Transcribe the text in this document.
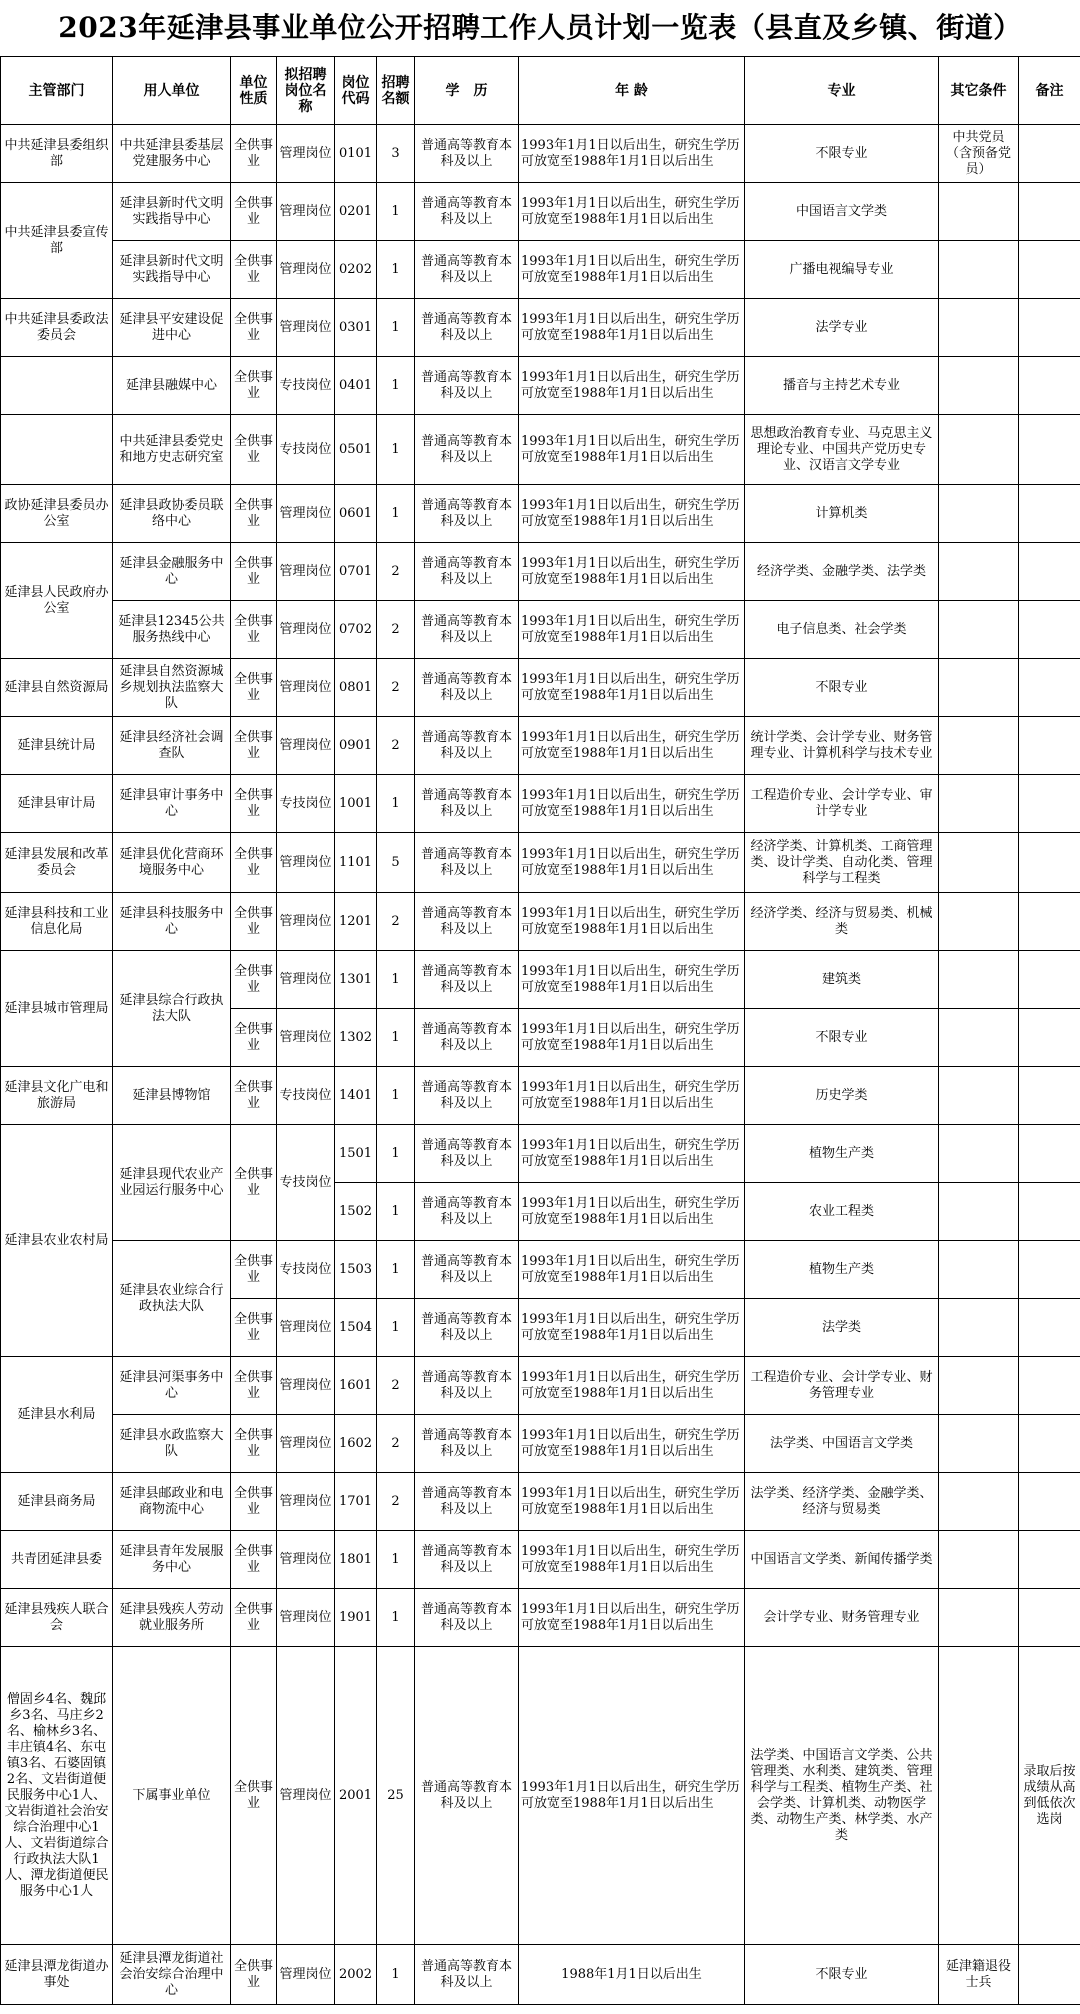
2023年延津县事业单位公开招聘工作人员计划一览表（县直及乡镇、街道）
主管部门	用人单位	单位性质	拟招聘岗位名称	岗位代码	招聘名额	学　历	年 龄	专业	其它条件	备注
中共延津县委组织部	中共延津县委基层党建服务中心	全供事业	管理岗位	0101	3	普通高等教育本科及以上	1993年1月1日以后出生，研究生学历可放宽至1988年1月1日以后出生	不限专业	中共党员（含预备党员）	
中共延津县委宣传部	延津县新时代文明实践指导中心	全供事业	管理岗位	0201	1	普通高等教育本科及以上	1993年1月1日以后出生，研究生学历可放宽至1988年1月1日以后出生	中国语言文学类		
	延津县新时代文明实践指导中心	全供事业	管理岗位	0202	1	普通高等教育本科及以上	1993年1月1日以后出生，研究生学历可放宽至1988年1月1日以后出生	广播电视编导专业		
中共延津县委政法委员会	延津县平安建设促进中心	全供事业	管理岗位	0301	1	普通高等教育本科及以上	1993年1月1日以后出生，研究生学历可放宽至1988年1月1日以后出生	法学专业		
	延津县融媒中心	全供事业	专技岗位	0401	1	普通高等教育本科及以上	1993年1月1日以后出生，研究生学历可放宽至1988年1月1日以后出生	播音与主持艺术专业		
	中共延津县委党史和地方史志研究室	全供事业	专技岗位	0501	1	普通高等教育本科及以上	1993年1月1日以后出生，研究生学历可放宽至1988年1月1日以后出生	思想政治教育专业、马克思主义理论专业、中国共产党历史专业、汉语言文学专业		
政协延津县委员办公室	延津县政协委员联络中心	全供事业	管理岗位	0601	1	普通高等教育本科及以上	1993年1月1日以后出生，研究生学历可放宽至1988年1月1日以后出生	计算机类		
延津县人民政府办公室	延津县金融服务中心	全供事业	管理岗位	0701	2	普通高等教育本科及以上	1993年1月1日以后出生，研究生学历可放宽至1988年1月1日以后出生	经济学类、金融学类、法学类		
	延津县12345公共服务热线中心	全供事业	管理岗位	0702	2	普通高等教育本科及以上	1993年1月1日以后出生，研究生学历可放宽至1988年1月1日以后出生	电子信息类、社会学类		
延津县自然资源局	延津县自然资源城乡规划执法监察大队	全供事业	管理岗位	0801	2	普通高等教育本科及以上	1993年1月1日以后出生，研究生学历可放宽至1988年1月1日以后出生	不限专业		
延津县统计局	延津县经济社会调查队	全供事业	管理岗位	0901	2	普通高等教育本科及以上	1993年1月1日以后出生，研究生学历可放宽至1988年1月1日以后出生	统计学类、会计学专业、财务管理专业、计算机科学与技术专业		
延津县审计局	延津县审计事务中心	全供事业	专技岗位	1001	1	普通高等教育本科及以上	1993年1月1日以后出生，研究生学历可放宽至1988年1月1日以后出生	工程造价专业、会计学专业、审计学专业		
延津县发展和改革委员会	延津县优化营商环境服务中心	全供事业	管理岗位	1101	5	普通高等教育本科及以上	1993年1月1日以后出生，研究生学历可放宽至1988年1月1日以后出生	经济学类、计算机类、工商管理类、设计学类、自动化类、管理科学与工程类		
延津县科技和工业信息化局	延津县科技服务中心	全供事业	管理岗位	1201	2	普通高等教育本科及以上	1993年1月1日以后出生，研究生学历可放宽至1988年1月1日以后出生	经济学类、经济与贸易类、机械类		
延津县城市管理局	延津县综合行政执法大队	全供事业	管理岗位	1301	1	普通高等教育本科及以上	1993年1月1日以后出生，研究生学历可放宽至1988年1月1日以后出生	建筑类		
		全供事业	管理岗位	1302	1	普通高等教育本科及以上	1993年1月1日以后出生，研究生学历可放宽至1988年1月1日以后出生	不限专业		
延津县文化广电和旅游局	延津县博物馆	全供事业	专技岗位	1401	1	普通高等教育本科及以上	1993年1月1日以后出生，研究生学历可放宽至1988年1月1日以后出生	历史学类		
延津县农业农村局	延津县现代农业产业园运行服务中心	全供事业	专技岗位	1501	1	普通高等教育本科及以上	1993年1月1日以后出生，研究生学历可放宽至1988年1月1日以后出生	植物生产类		
				1502	1	普通高等教育本科及以上	1993年1月1日以后出生，研究生学历可放宽至1988年1月1日以后出生	农业工程类		
	延津县农业综合行政执法大队	全供事业	专技岗位	1503	1	普通高等教育本科及以上	1993年1月1日以后出生，研究生学历可放宽至1988年1月1日以后出生	植物生产类		
		全供事业	管理岗位	1504	1	普通高等教育本科及以上	1993年1月1日以后出生，研究生学历可放宽至1988年1月1日以后出生	法学类		
延津县水利局	延津县河渠事务中心	全供事业	管理岗位	1601	2	普通高等教育本科及以上	1993年1月1日以后出生，研究生学历可放宽至1988年1月1日以后出生	工程造价专业、会计学专业、财务管理专业		
	延津县水政监察大队	全供事业	管理岗位	1602	2	普通高等教育本科及以上	1993年1月1日以后出生，研究生学历可放宽至1988年1月1日以后出生	法学类、中国语言文学类		
延津县商务局	延津县邮政业和电商物流中心	全供事业	管理岗位	1701	2	普通高等教育本科及以上	1993年1月1日以后出生，研究生学历可放宽至1988年1月1日以后出生	法学类、经济学类、金融学类、经济与贸易类		
共青团延津县委	延津县青年发展服务中心	全供事业	管理岗位	1801	1	普通高等教育本科及以上	1993年1月1日以后出生，研究生学历可放宽至1988年1月1日以后出生	中国语言文学类、新闻传播学类		
延津县残疾人联合会	延津县残疾人劳动就业服务所	全供事业	管理岗位	1901	1	普通高等教育本科及以上	1993年1月1日以后出生，研究生学历可放宽至1988年1月1日以后出生	会计学专业、财务管理专业		
僧固乡4名、魏邱乡3名、马庄乡2名、榆林乡3名、丰庄镇4名、东屯镇3名、石婆固镇2名、文岩街道便民服务中心1人、文岩街道社会治安综合治理中心1人、文岩街道综合行政执法大队1人、潭龙街道便民服务中心1人	下属事业单位	全供事业	管理岗位	2001	25	普通高等教育本科及以上	1993年1月1日以后出生，研究生学历可放宽至1988年1月1日以后出生	法学类、中国语言文学类、公共管理类、水利类、建筑类、管理科学与工程类、植物生产类、社会学类、计算机类、动物医学类、动物生产类、林学类、水产类		录取后按成绩从高到低依次选岗
延津县潭龙街道办事处	延津县潭龙街道社会治安综合治理中心	全供事业	管理岗位	2002	1	普通高等教育本科及以上	1988年1月1日以后出生	不限专业	延津籍退役士兵	
